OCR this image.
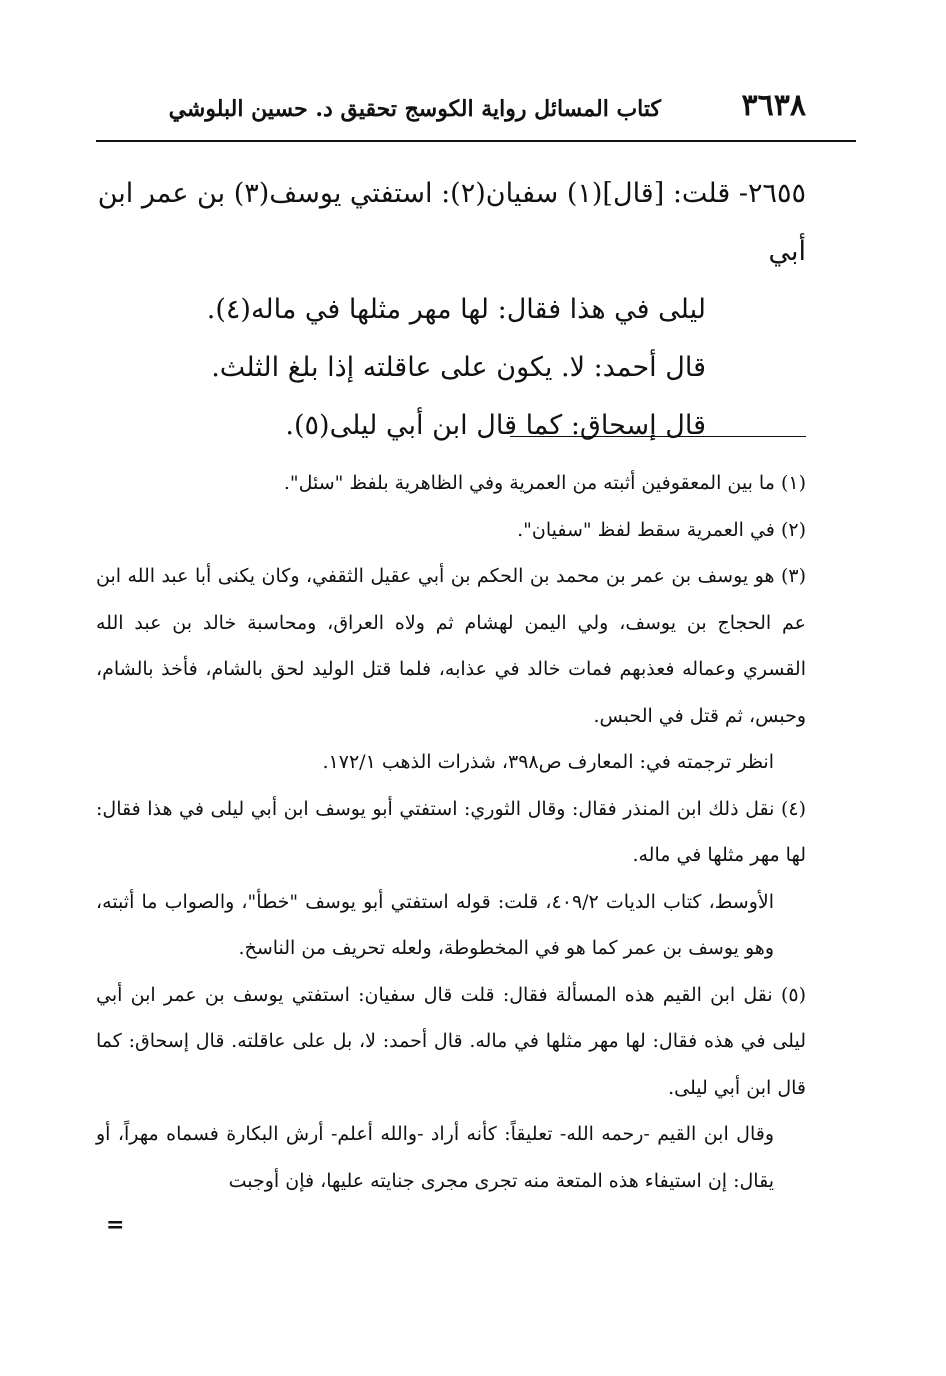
٣٦٣٨
كتاب المسائل رواية الكوسج تحقيق د. حسين البلوشي

٢٦٥٥- قلت: [قال](١) سفيان(٢): استفتي يوسف(٣) بن عمر ابن أبي

ليلى في هذا فقال: لها مهر مثلها في ماله(٤).

قال أحمد: لا. يكون على عاقلته إذا بلغ الثلث.

قال إسحاق: كما قال ابن أبي ليلى(٥).

(١) ما بين المعقوفين أثبته من العمرية وفي الظاهرية بلفظ "سئل".

(٢) في العمرية سقط لفظ "سفيان".

(٣) هو يوسف بن عمر بن محمد بن الحكم بن أبي عقيل الثقفي، وكان يكنى أبا عبد الله ابن عم الحجاج بن يوسف، ولي اليمن لهشام ثم ولاه العراق، ومحاسبة خالد بن عبد الله القسري وعماله فعذبهم فمات خالد في عذابه، فلما قتل الوليد لحق بالشام، فأخذ بالشام، وحبس، ثم قتل في الحبس.

انظر ترجمته في: المعارف ص٣٩٨، شذرات الذهب ١٧٢/١.

(٤) نقل ذلك ابن المنذر فقال: وقال الثوري: استفتي أبو يوسف ابن أبي ليلى في هذا فقال: لها مهر مثلها في ماله.

الأوسط، كتاب الديات ٤٠٩/٢، قلت: قوله استفتي أبو يوسف "خطأ"، والصواب ما أثبته، وهو يوسف بن عمر كما هو في المخطوطة، ولعله تحريف من الناسخ.

(٥) نقل ابن القيم هذه المسألة فقال: قلت قال سفيان: استفتي يوسف بن عمر ابن أبي ليلى في هذه فقال: لها مهر مثلها في ماله. قال أحمد: لا، بل على عاقلته. قال إسحاق: كما قال ابن أبي ليلى.

وقال ابن القيم -رحمه الله- تعليقاً: كأنه أراد -والله أعلم- أرش البكارة فسماه مهراً، أو يقال: إن استيفاء هذه المتعة منه تجرى مجرى جنايته عليها، فإن أوجبت

=
